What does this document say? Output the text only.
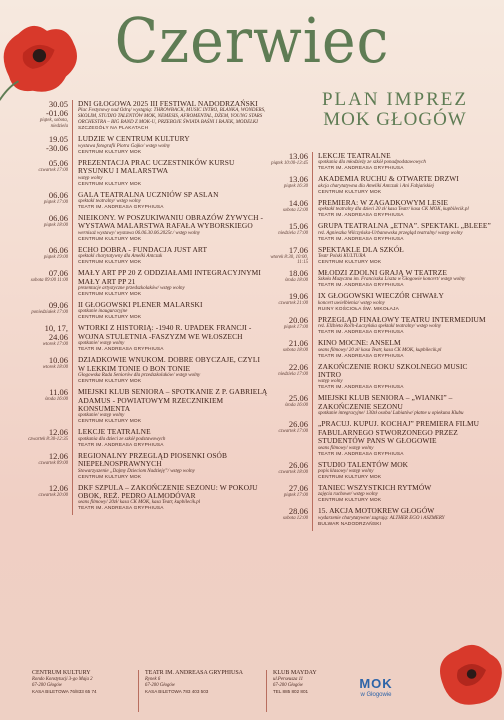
Czerwiec
PLAN IMPREZ
MOK GŁOGÓW
30.05 -01.06
piątek, sobota, niedziela
DNI GŁOGOWA 2025 III FESTIWAL NADODRZAŃSKI
Plac Festynowy nad Odrą/ wystąpią: THROWBACK, MUSIC INTRO, BLANKA, WONDERS, SKOLIM, STUDIO TALENTÓW MOK, NEMESIS, AFROMENTAL, DŻEM, YOUNG STARS ORCHESTRA – BIG BAND Z MOK-U, PRZEBOJE ŚWIATA BAŚNI I BAJEK, MODELKI
SZCZEGÓŁY NA PLAKATACH
19.05 -30.06
LUDZIE W CENTRUM KULTURY
wystawa fotografii Piotra Gajko/ wstęp wolny
CENTRUM KULTURY MOK
05.06
czwartek 17:00
PREZENTACJA PRAC UCZESTNIKÓW KURSU RYSUNKU I MALARSTWA
wstęp wolny
CENTRUM KULTURY MOK
06.06
piątek 17:00
GALA TEATRALNA UCZNIÓW SP ASLAN
spektakl teatralny/ wstęp wolny
TEATR IM. ANDREASA GRYPHIUSA
06.06
piątek 18:00
NIEIKONY. W POSZUKIWANIU OBRAZÓW ŻYWYCH - WYSTAWA MALARSTWA RAFAŁA WYBORSKIEGO
wernisaż wystawy/ wystawa 06.06.30.06.2025r./ wstęp wolny
CENTRUM KULTURY MOK
06.06
piątek 19:00
ECHO DOBRA - FUNDACJA JUST ART
spektakl charytatywny dla Amelki Antczak
CENTRUM KULTURY MOK
07.06
sobota 09:00 11:00
MAŁY ART PP 20 Z ODDZIAŁAMI INTEGRACYJNYMI MAŁY ART PP 21
prezentacje artystyczne przedszkolaków/ wstęp wolny
CENTRUM KULTURY MOK
09.06
poniedziałek 17:00
II GŁOGOWSKI PLENER MALARSKI
spotkanie inauguracyjne
CENTRUM KULTURY MOK
10, 17, 24.06
wtorek 17:00
WTORKI Z HISTORIĄ: -1940 R. UPADEK FRANCJI -WOJNA STULETNIA -FASZYZM WE WŁOSZECH
spotkanie/ wstęp wolny
TEATR IM. ANDREASA GRYPHIUSA
10.06
wtorek 18:00
DZIADKOWIE WNUKOM. DOBRE OBYCZAJE, CZYLI W LEKKIM TONIE O BON TONIE
Głogowska Rada Seniorów dla przedszkolaków/ wstęp wolny
CENTRUM KULTURY MOK
11.06
środa 16:00
MIEJSKI KLUB SENIORA – SPOTKANIE Z P. GABRIELĄ ADAMUS - POWIATOWYM RZECZNIKIEM KONSUMENTA
spotkanie/ wstęp wolny
CENTRUM KULTURY MOK
12.06
czwartek 8:30-12:35
LEKCJE TEATRALNE
spotkania dla dzieci ze szkół podstawowych
TEATR IM. ANDREASA GRYPHIUSA
12.06
czwartek 09:00
REGIONALNY PRZEGLĄD PIOSENKI OSÓB NIEPEŁNOSPRAWNYCH
Stowarzyszenie „Dajmy Dzieciom Nadzieję”/ wstęp wolny
CENTRUM KULTURY MOK
12.06
czwartek 20:00
DKF SZPULA – ZAKOŃCZENIE SEZONU: W POKOJU OBOK, REŻ. PEDRO ALMODÓVAR
seans filmowy/ 20zł/ kasa CK MOK, kasa Teatr, kupbilecik.pl
TEATR IM. ANDREASA GRYPHIUSA
13.06
piątek 10:00-13:45
LEKCJE TEATRALNE
spotkania dla młodzieży ze szkół ponadpodstawowych
TEATR IM. ANDREASA GRYPHIUSA
13.06
piątek 16:30
AKADEMIA RUCHU & OTWARTE DRZWI
akcja charytatywna dla Ameliki Antczak i Ani Fabjańskiej
CENTRUM KULTURY MOK
14.06
sobota 12:00
PREMIERA: W ZAGADKOWYM LESIE
spektakl teatralny dla dzieci 20 zł/ kasa Teatr/ kasa CK MOK, kupbilecik.pl
TEATR IM. ANDREASA GRYPHIUSA
15.06
niedziela 17:00
GRUPA TEATRALNA „ETNA”. SPEKTAKL „BLEEE”
reż. Agnieszka Wilczyńska-Urbanowska przegląd teatralny/ wstęp wolny
TEATR IM. ANDREASA GRYPHIUSA
17.06
wtorek 8:30, 10:00, 11:15
SPEKTAKLE DLA SZKÓŁ
Teatr Polski KULTURA
CENTRUM KULTURY MOK
18.06
środa 18:00
MŁODZI ZDOLNI GRAJĄ W TEATRZE
Szkoła Muzyczna im. Franciszka Liszta w Głogowie koncert/ wstęp wolny
TEATR IM. ANDREASA GRYPHIUSA
19.06
czwartek 21:00
IX GŁOGOWSKI WIECZÓR CHWAŁY
koncert uwielbienia/ wstęp wolny
RUINY KOŚCIOŁA ŚW. MIKOŁAJA
20.06
piątek 17:00
PRZEGLĄD FINAŁOWY TEATRU INTERMEDIUM
reż. Elżbieta Roch-Łaczyńska spektakl teatralny/ wstęp wolny
TEATR IM. ANDREASA GRYPHIUSA
21.06
sobota 18:00
KINO MOCNE: ANSELM
seans filmowy/ 20 zł/ kasa Teatr, kasa CK MOK, kupbilecik.pl
TEATR IM. ANDREASA GRYPHIUSA
22.06
niedziela 17:00
ZAKOŃCZENIE ROKU SZKOLNEGO MUSIC INTRO
wstęp wolny
TEATR IM. ANDREASA GRYPHIUSA
25.06
środa 16:00
MIEJSKI KLUB SENIORA – „WIANKI” – ZAKOŃCZENIE SEZONU
spotkanie integracyjne/ 130zł osoba/ Lubiatów/ płatne u opiekuna Klubu
26.06
czwartek 17:00
„PRACUJ. KUPUJ. KOCHAJ” PREMIERA FILMU FABULARNEGO STWORZONEGO PRZEZ STUDENTÓW PANS W GŁOGOWIE
seans filmowy/ wstęp wolny
TEATR IM. ANDREASA GRYPHIUSA
26.06
czwartek 18:00
STUDIO TALENTÓW MOK
popis klasowy/ wstęp wolny
CENTRUM KULTURY MOK
27.06
piątek 17:00
TANIEC WSZYSTKICH RYTMÓW
zajęcia ruchowe/ wstęp wolny
CENTRUM KULTURY MOK
28.06
sobota 12:00
15. AKCJA MOTOKREW GŁOGÓW
wydarzenie charytatywne/ zagrają: ALTHER EGO i ASZMERY
BULWAR NADODRZAŃSKI
CENTRUM KULTURY
Rondo Konstytucji 3-go Maja 2
67-200 Głogów
KASA BILETOWA 76/833 65 74
TEATR IM. ANDREASA GRYPHIUSA
Rynek 6
67-200 Głogów
KASA BILETOWA 783 403 503
KLUB MAYDAY
ul.Perseusza 11
67-200 Głogów
TEL 885 802 801
MOK
w Głogowie
